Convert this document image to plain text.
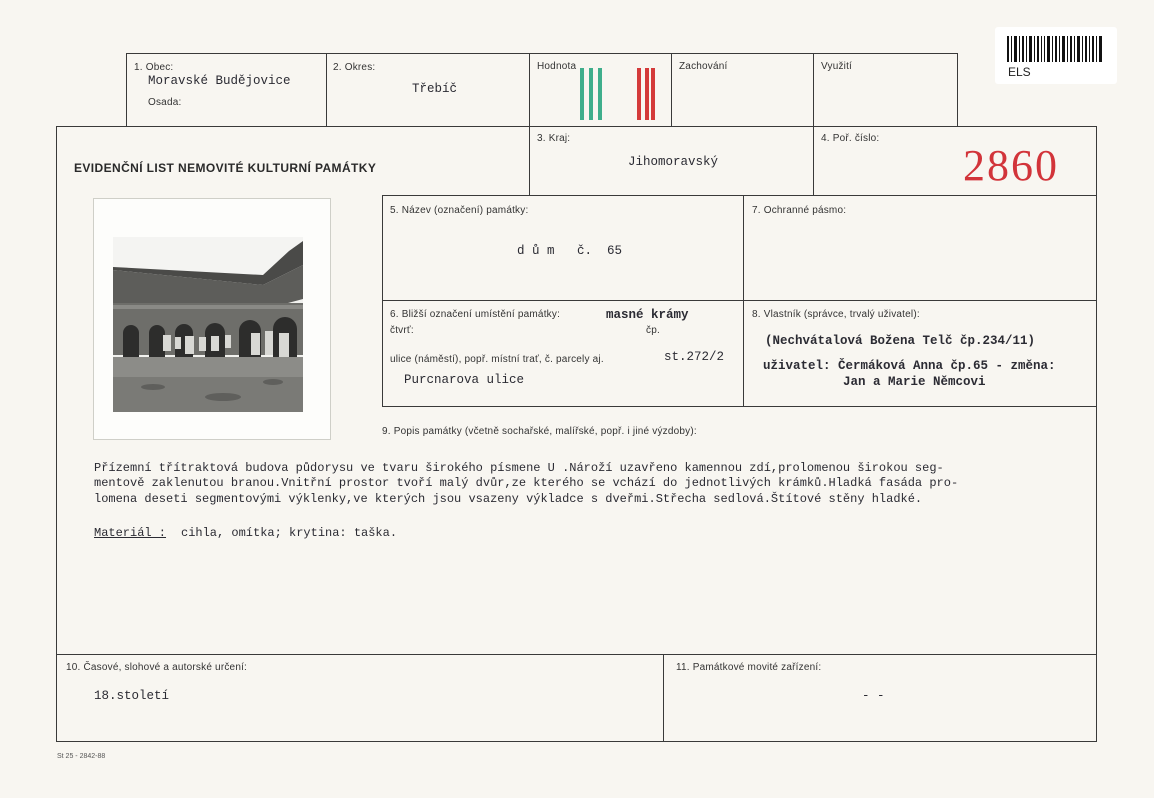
ELS
1. Obec:
Moravské Budějovice
Osada:
2. Okres:
Třebíč
Hodnota	Zachování	Využití
EVIDENČNÍ LIST NEMOVITÉ KULTURNÍ PAMÁTKY
3. Kraj:
Jihomoravský
4. Poř. číslo:
2860
5. Název (označení) památky:
d ů m   č.  65
7. Ochranné pásmo:
6. Bližší označení umístění památky:	masné krámy
čtvrť:	čp.
ulice (náměstí), popř. místní trať, č. parcely aj.	st.272/2
Purcnarova ulice
8. Vlastník (správce, trvalý uživatel):
(Nechvátalová Božena Telč čp.234/11)
uživatel: Čermáková Anna čp.65 - změna:
Jan a Marie Němcovi
9. Popis památky (včetně sochařské, malířské, popř. i jiné výzdoby):
Přízemní třítraktová budova půdorysu ve tvaru širokého písmene U .Nároží uzavřeno kamennou zdí,prolomenou širokou seg-
mentově zaklenutou branou.Vnitřní prostor tvoří malý dvůr,ze kterého se vchází do jednotlivých krámků.Hladká fasáda pro-
lomena deseti segmentovými výklenky,ve kterých jsou vsazeny výkladce s dveřmi.Střecha sedlová.Štítové stěny hladké.
Materiál : cihla, omítka; krytina: taška.
10. Časové, slohové a autorské určení:
18.století
11. Památkové movité zařízení:
- -
St 25 - 2842-88
